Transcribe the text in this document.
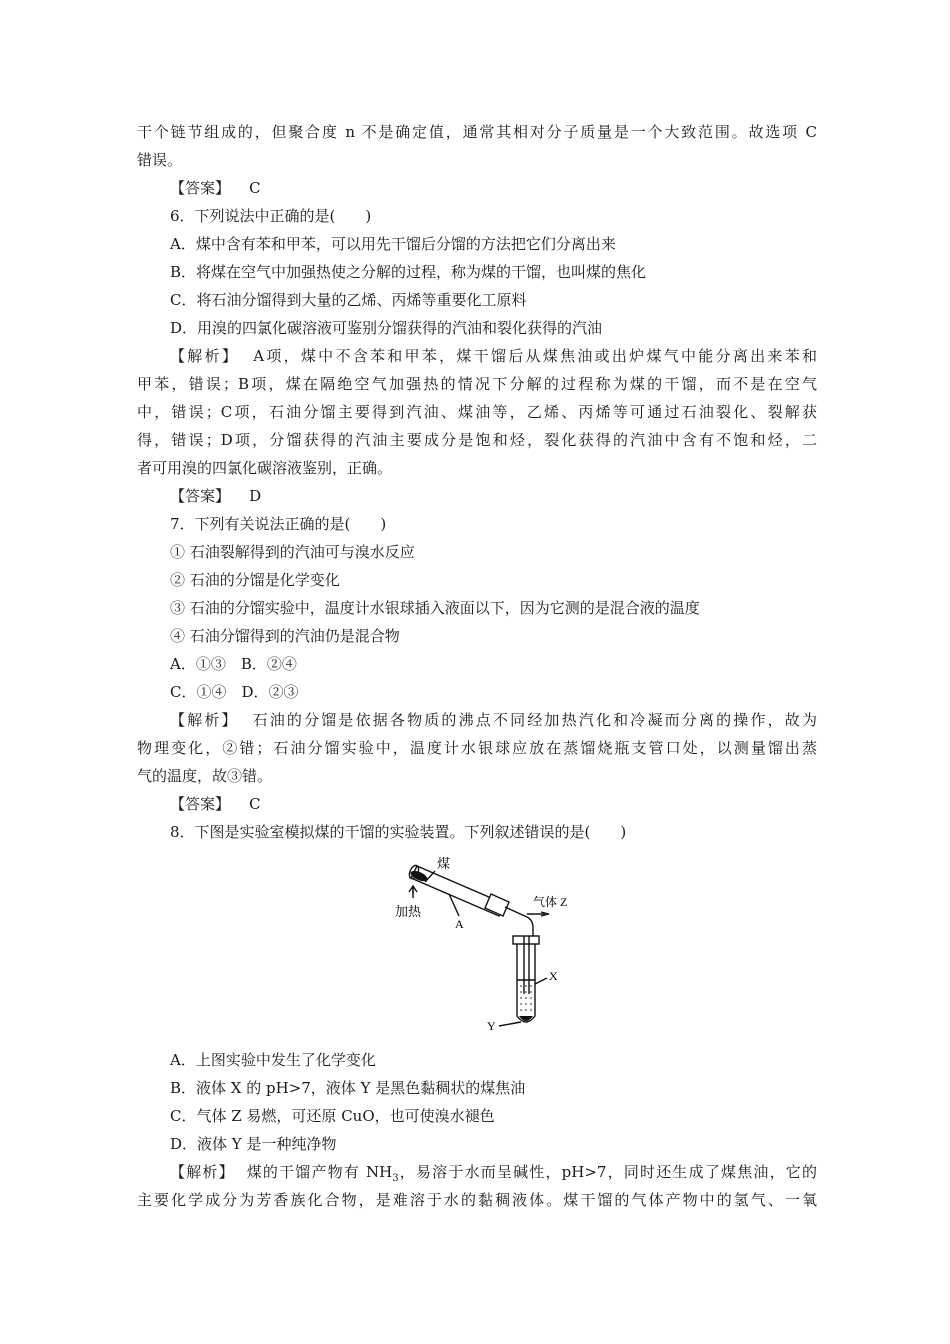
干个链节组成的，但聚合度 n 不是确定值，通常其相对分子质量是一个大致范围。故选项 C
错误。
【答案】 C
6．下列说法中正确的是(　　)
A．煤中含有苯和甲苯，可以用先干馏后分馏的方法把它们分离出来
B．将煤在空气中加强热使之分解的过程，称为煤的干馏，也叫煤的焦化
C．将石油分馏得到大量的乙烯、丙烯等重要化工原料
D．用溴的四氯化碳溶液可鉴别分馏获得的汽油和裂化获得的汽油
【解析】 A项，煤中不含苯和甲苯，煤干馏后从煤焦油或出炉煤气中能分离出来苯和
甲苯，错误；B项，煤在隔绝空气加强热的情况下分解的过程称为煤的干馏，而不是在空气
中，错误；C项，石油分馏主要得到汽油、煤油等，乙烯、丙烯等可通过石油裂化、裂解获
得，错误；D项，分馏获得的汽油主要成分是饱和烃，裂化获得的汽油中含有不饱和烃，二
者可用溴的四氯化碳溶液鉴别，正确。
【答案】 D
7．下列有关说法正确的是(　　)
① 石油裂解得到的汽油可与溴水反应
② 石油的分馏是化学变化
③ 石油的分馏实验中，温度计水银球插入液面以下，因为它测的是混合液的温度
④ 石油分馏得到的汽油仍是混合物
A．①③　B．②④
C．①④　D．②③
【解析】 石油的分馏是依据各物质的沸点不同经加热汽化和冷凝而分离的操作，故为
物理变化，②错；石油分馏实验中，温度计水银球应放在蒸馏烧瓶支管口处，以测量馏出蒸
气的温度，故③错。
【答案】 C
8．下图是实验室模拟煤的干馏的实验装置。下列叙述错误的是(　　)
煤
加热
A
气体 Z
X
Y
A．上图实验中发生了化学变化
B．液体 X 的 pH>7，液体 Y 是黑色黏稠状的煤焦油
C．气体 Z 易燃，可还原 CuO，也可使溴水褪色
D．液体 Y 是一种纯净物
【解析】 煤的干馏产物有 $NH_3$，易溶于水而呈碱性，pH>7，同时还生成了煤焦油，它的
主要化学成分为芳香族化合物，是难溶于水的黏稠液体。煤干馏的气体产物中的氢气、一氧
